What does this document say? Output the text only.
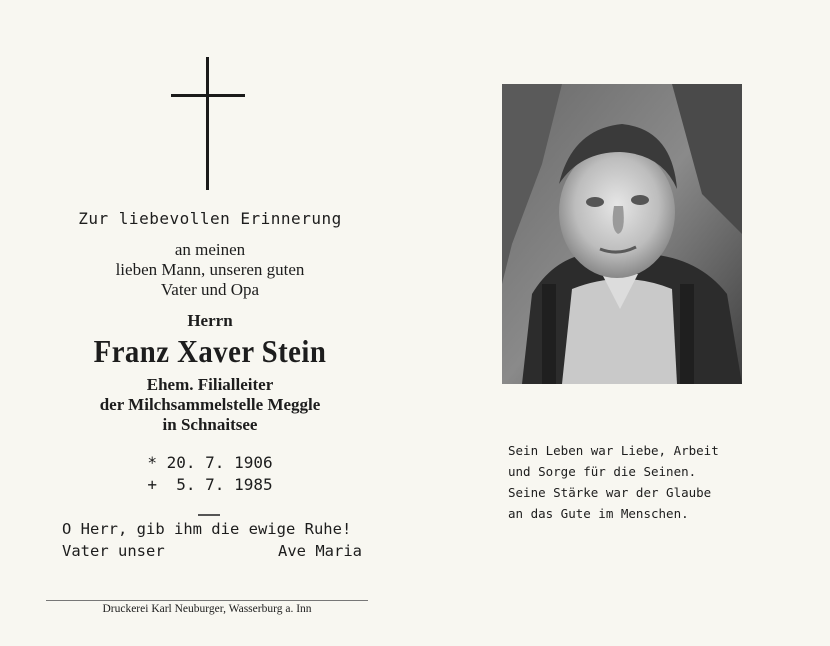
Zur liebevollen Erinnerung
an meinen
lieben Mann, unseren guten
Vater und Opa
Herrn
Franz Xaver Stein
Ehem. Filialleiter
der Milchsammelstelle Meggle
in Schnaitsee
* 20. 7. 1906
+  5. 7. 1985
O Herr, gib ihm die ewige Ruhe!
Vater unser	Ave Maria
Druckerei Karl Neuburger, Wasserburg a. Inn
Sein Leben war Liebe, Arbeit
und Sorge für die Seinen.
Seine Stärke war der Glaube
an das Gute im Menschen.
